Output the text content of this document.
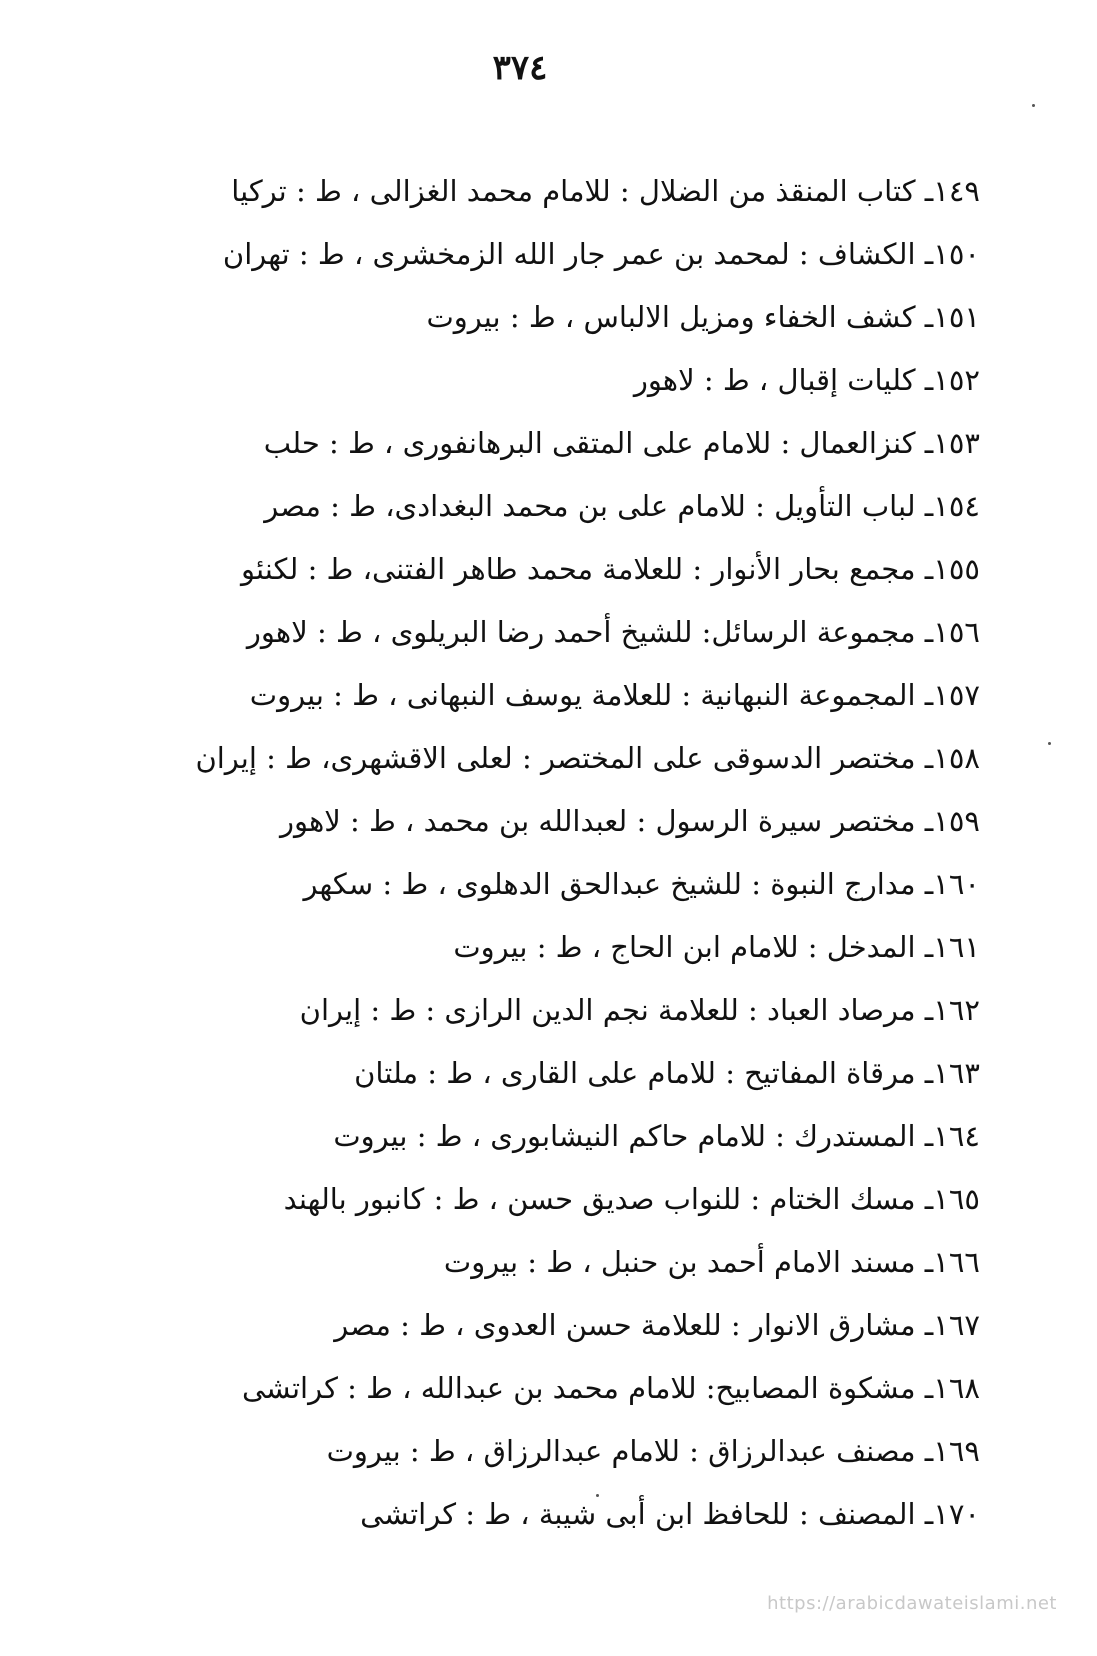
٣٧٤
١٤٩ـ كتاب المنقذ من الضلال : للامام محمد الغزالى ، ط : تركيا
١٥٠ـ الكشاف : لمحمد بن عمر جار الله الزمخشرى ، ط : تهران
١٥١ـ كشف الخفاء ومزيل الالباس ، ط : بيروت
١٥٢ـ كليات إقبال ، ط : لاهور
١٥٣ـ كنزالعمال : للامام على المتقى البرهانفورى ، ط : حلب
١٥٤ـ لباب التأويل : للامام على بن محمد البغدادى، ط : مصر
١٥٥ـ مجمع بحار الأنوار : للعلامة محمد طاهر الفتنى، ط : لكنئو
١٥٦ـ مجموعة الرسائل: للشيخ أحمد رضا البريلوى ، ط : لاهور
١٥٧ـ المجموعة النبهانية : للعلامة يوسف النبهانى ، ط : بيروت
١٥٨ـ مختصر الدسوقى على المختصر : لعلى الاقشهرى، ط : إيران
١٥٩ـ مختصر سيرة الرسول : لعبدالله بن محمد ، ط : لاهور
١٦٠ـ مدارج النبوة : للشيخ عبدالحق الدهلوى ، ط : سكهر
١٦١ـ المدخل : للامام ابن الحاج ، ط : بيروت
١٦٢ـ مرصاد العباد : للعلامة نجم الدين الرازى : ط : إيران
١٦٣ـ مرقاة المفاتيح : للامام على القارى ، ط : ملتان
١٦٤ـ المستدرك : للامام حاكم النيشابورى ، ط : بيروت
١٦٥ـ مسك الختام : للنواب صديق حسن ، ط : كانبور بالهند
١٦٦ـ مسند الامام أحمد بن حنبل ، ط : بيروت
١٦٧ـ مشارق الانوار : للعلامة حسن العدوى ، ط : مصر
١٦٨ـ مشكوة المصابيح: للامام محمد بن عبدالله ، ط : كراتشى
١٦٩ـ مصنف عبدالرزاق : للامام عبدالرزاق ، ط : بيروت
١٧٠ـ المصنف : للحافظ ابن أبى شيبة ، ط : كراتشى
https://arabicdawateislami.net
